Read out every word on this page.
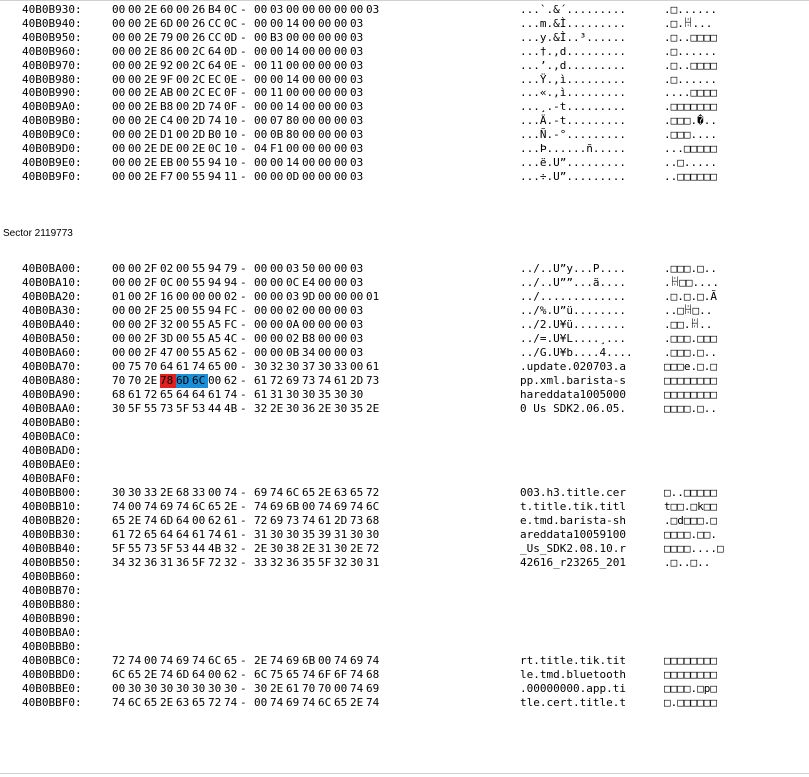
Sector 2119773
40B0B930:	00 00 2E 60 00 26 B4 0C - 00 03 00 00 00 00 00 03	...`.&´.........	.□......
40B0B940:	00 00 2E 6D 00 26 CC 0C - 00 00 14 00 00 00 03	...m.&Ì.........	.□.ꀍ...
40B0B950:	00 00 2E 79 00 26 CC 0D - 00 B3 00 00 00 00 03	...y.&Ì..³......	.□..□□□□
40B0B960:	00 00 2E 86 00 2C 64 0D - 00 00 14 00 00 00 03	...†.,d.........	.□......
40B0B970:	00 00 2E 92 00 2C 64 0E - 00 11 00 00 00 00 03	...’.,d.........	.□..□□□□
40B0B980:	00 00 2E 9F 00 2C EC 0E - 00 00 14 00 00 00 03	...Ÿ.,ì.........	.□......
40B0B990:	00 00 2E AB 00 2C EC 0F - 00 11 00 00 00 00 03	...«.,ì.........	....□□□□
40B0B9A0:	00 00 2E B8 00 2D 74 0F - 00 00 14 00 00 00 03	...¸.-t.........	.□□□□□□□
40B0B9B0:	00 00 2E C4 00 2D 74 10 - 00 07 80 00 00 00 03	...Ä.-t.........	.□□□.�..
40B0B9C0:	00 00 2E D1 00 2D B0 10 - 00 0B 80 00 00 00 03	...Ñ.-°.........	.□□□....
40B0B9D0:	00 00 2E DE 00 2E 0C 10 - 04 F1 00 00 00 00 03	...Þ......ñ.....	...□□□□□
40B0B9E0:	00 00 2E EB 00 55 94 10 - 00 00 14 00 00 00 03	...ë.U”.........	..□.....
40B0B9F0:	00 00 2E F7 00 55 94 11 - 00 00 0D 00 00 00 03	...÷.U”.........	..□□□□□□
40B0BA00:	00 00 2F 02 00 55 94 79 - 00 00 03 50 00 00 03	../..U”y...P....	.□□□.□..
40B0BA10:	00 00 2F 0C 00 55 94 94 - 00 00 0C E4 00 00 03	../..U””...ä....	.ꀍ□□....
40B0BA20:	01 00 2F 16 00 00 00 02 - 00 00 03 9D 00 00 00 01	../.............	.□.□.□.Ã
40B0BA30:	00 00 2F 25 00 55 94 FC - 00 00 02 00 00 00 03	../%.U”ü........	..□ꀍ□..
40B0BA40:	00 00 2F 32 00 55 A5 FC - 00 00 0A 00 00 00 03	../2.U¥ü........	.□□.ꀍ..
40B0BA50:	00 00 2F 3D 00 55 A5 4C - 00 00 02 B8 00 00 03	../=.U¥L....¸...	.□□□.□□□
40B0BA60:	00 00 2F 47 00 55 A5 62 - 00 00 0B 34 00 00 03	../G.U¥b....4....	.□□□.□..
40B0BA70:	00 75 70 64 61 74 65 00 - 30 32 30 37 30 33 00 61	.update.020703.a	□□□e.□.□
40B0BA80:	70 70 2E 78 6D 6C 00 62 - 61 72 69 73 74 61 2D 73	pp.xml.barista-s	□□□□□□□□
40B0BA90:	68 61 72 65 64 64 61 74 - 61 31 30 30 35 30 30	hareddata1005000	□□□□□□□□
40B0BAA0:	30 5F 55 73 5F 53 44 4B - 32 2E 30 36 2E 30 35 2E	0 Us SDK2.06.05.	□□□□.□..
40B0BAB0:
40B0BAC0:
40B0BAD0:
40B0BAE0:
40B0BAF0:
40B0BB00:	30 30 33 2E 68 33 00 74 - 69 74 6C 65 2E 63 65 72	003.h3.title.cer	□..□□□□□
40B0BB10:	74 00 74 69 74 6C 65 2E - 74 69 6B 00 74 69 74 6C	t.title.tik.titl	t□□.□k□□
40B0BB20:	65 2E 74 6D 64 00 62 61 - 72 69 73 74 61 2D 73 68	e.tmd.barista-sh	.□d□□□.□
40B0BB30:	61 72 65 64 64 61 74 61 - 31 30 30 35 39 31 30 30	areddata10059100	□□□□.□□.
40B0BB40:	5F 55 73 5F 53 44 4B 32 - 2E 30 38 2E 31 30 2E 72	_Us_SDK2.08.10.r	□□□□....□
40B0BB50:	34 32 36 31 36 5F 72 32 - 33 32 36 35 5F 32 30 31	42616_r23265_201	.□..□..
40B0BB60:
40B0BB70:
40B0BB80:
40B0BB90:
40B0BBA0:
40B0BBB0:
40B0BBC0:	72 74 00 74 69 74 6C 65 - 2E 74 69 6B 00 74 69 74	rt.title.tik.tit	□□□□□□□□
40B0BBD0:	6C 65 2E 74 6D 64 00 62 - 6C 75 65 74 6F 6F 74 68	le.tmd.bluetooth	□□□□□□□□
40B0BBE0:	00 30 30 30 30 30 30 30 - 30 2E 61 70 70 00 74 69	.00000000.app.ti	□□□□.□p□
40B0BBF0:	74 6C 65 2E 63 65 72 74 - 00 74 69 74 6C 65 2E 74	tle.cert.title.t	□.□□□□□□
